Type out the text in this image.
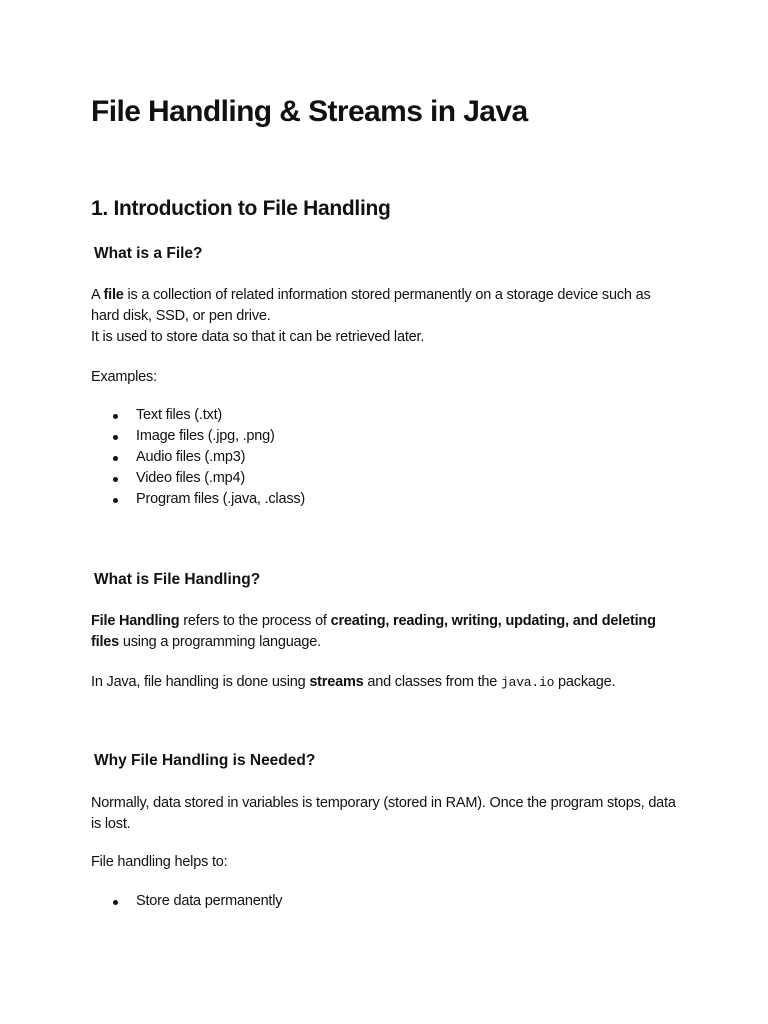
File Handling & Streams in Java
1. Introduction to File Handling
What is a File?

A file is a collection of related information stored permanently on a storage device such as hard disk, SSD, or pen drive.
It is used to store data so that it can be retrieved later.

Examples:

Text files (.txt)
Image files (.jpg, .png)
Audio files (.mp3)
Video files (.mp4)
Program files (.java, .class)
What is File Handling?

File Handling refers to the process of creating, reading, writing, updating, and deleting files using a programming language.

In Java, file handling is done using streams and classes from the java.io package.

Why File Handling is Needed?

Normally, data stored in variables is temporary (stored in RAM). Once the program stops, data is lost.

File handling helps to:

Store data permanently
